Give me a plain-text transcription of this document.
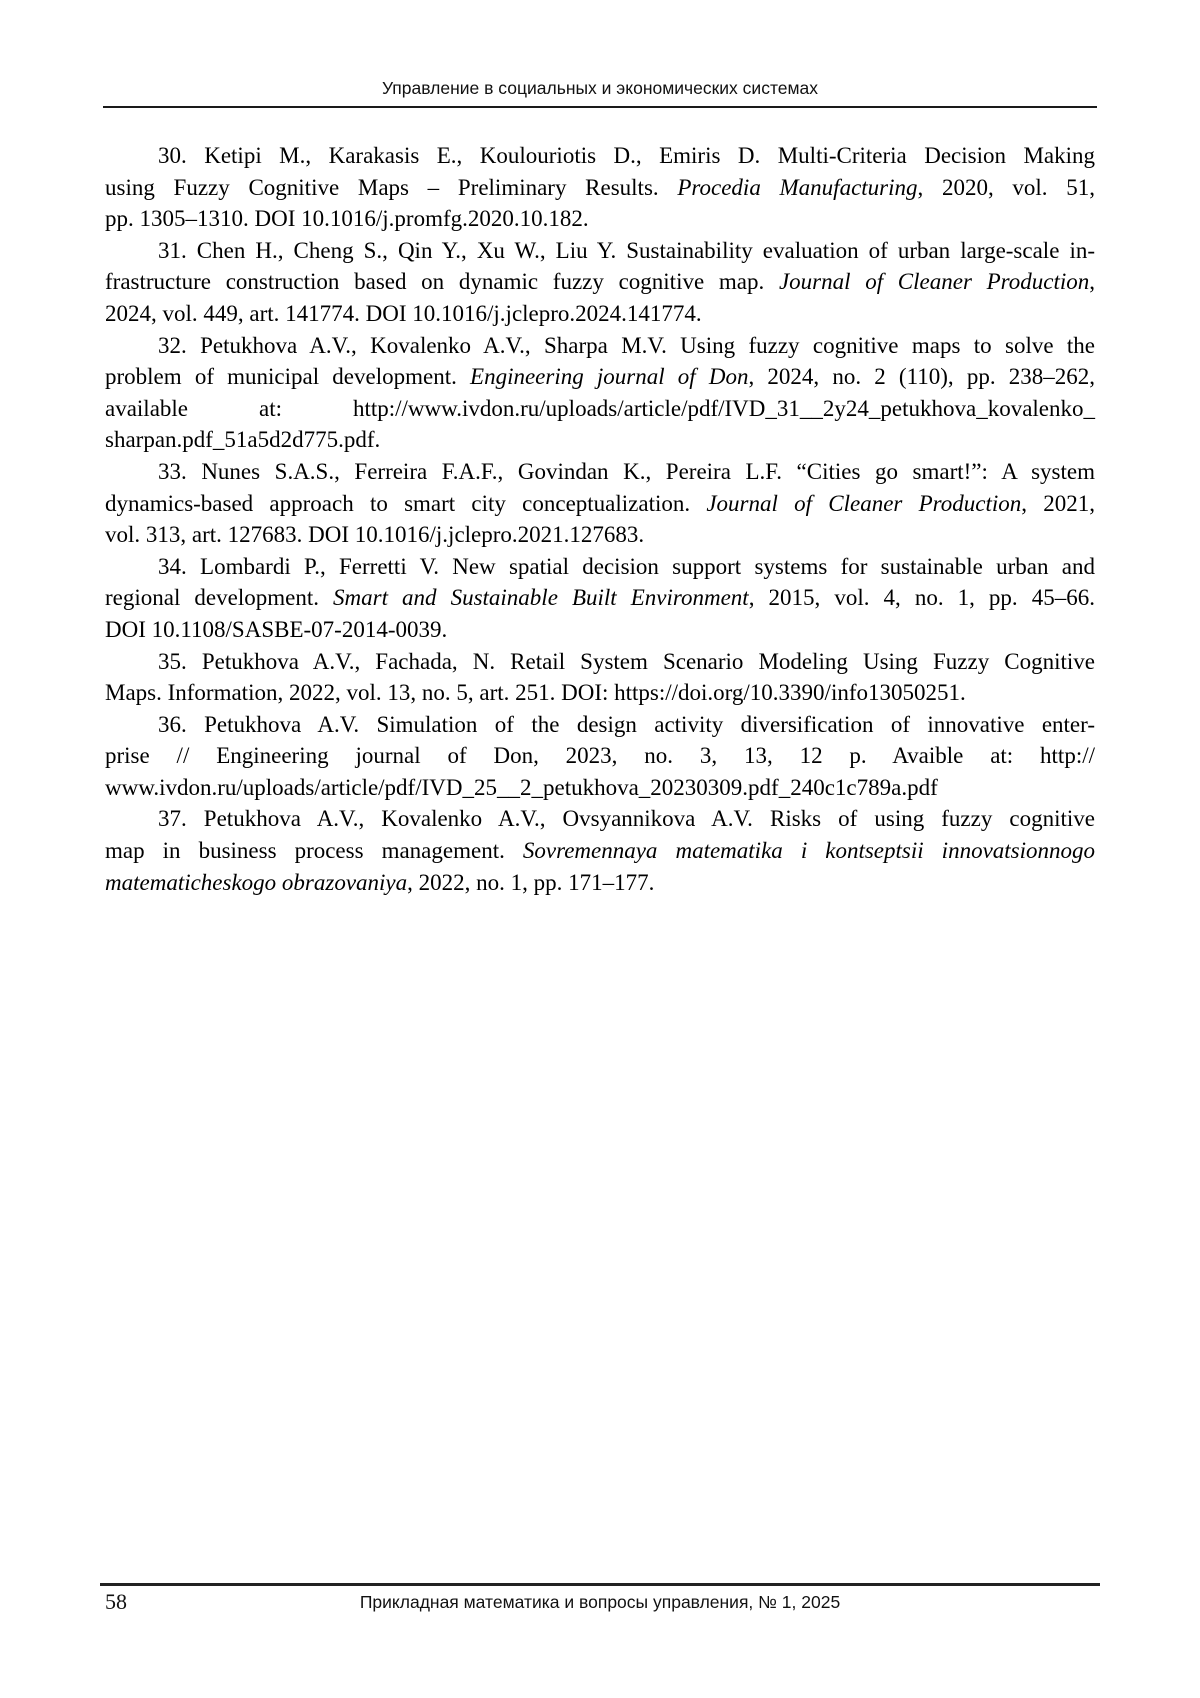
Управление в социальных и экономических системах
30. Ketipi M., Karakasis E., Koulouriotis D., Emiris D. Multi-Criteria Decision Making
using Fuzzy Cognitive Maps – Preliminary Results. Procedia Manufacturing, 2020, vol. 51,
pp. 1305–1310. DOI 10.1016/j.promfg.2020.10.182.
31. Chen H., Cheng S., Qin Y., Xu W., Liu Y. Sustainability evaluation of urban large-scale in-
frastructure construction based on dynamic fuzzy cognitive map. Journal of Cleaner Production,
2024, vol. 449, art. 141774. DOI 10.1016/j.jclepro.2024.141774.
32. Petukhova A.V., Kovalenko A.V., Sharpa M.V. Using fuzzy cognitive maps to solve the
problem of municipal development. Engineering journal of Don, 2024, no. 2 (110), pp. 238–262,
available at: http://www.ivdon.ru/uploads/article/pdf/IVD_31__2y24_petukhova_kovalenko_
sharpan.pdf_51a5d2d775.pdf.
33. Nunes S.A.S., Ferreira F.A.F., Govindan K., Pereira L.F. “Cities go smart!”: A system
dynamics-based approach to smart city conceptualization. Journal of Cleaner Production, 2021,
vol. 313, art. 127683. DOI 10.1016/j.jclepro.2021.127683.
34. Lombardi P., Ferretti V. New spatial decision support systems for sustainable urban and
regional development. Smart and Sustainable Built Environment, 2015, vol. 4, no. 1, pp. 45–66.
DOI 10.1108/SASBE-07-2014-0039.
35. Petukhova A.V., Fachada, N. Retail System Scenario Modeling Using Fuzzy Cognitive
Maps. Information, 2022, vol. 13, no. 5, art. 251. DOI: https://doi.org/10.3390/info13050251.
36. Petukhova A.V. Simulation of the design activity diversification of innovative enter-
prise // Engineering journal of Don, 2023, no. 3, 13, 12 p. Avaible at: http://
www.ivdon.ru/uploads/article/pdf/IVD_25__2_petukhova_20230309.pdf_240c1c789a.pdf
37. Petukhova A.V., Kovalenko A.V., Ovsyannikova A.V. Risks of using fuzzy cognitive
map in business process management. Sovremennaya matematika i kontseptsii innovatsionnogo
matematicheskogo obrazovaniya, 2022, no. 1, pp. 171–177.
58	Прикладная математика и вопросы управления, № 1, 2025
